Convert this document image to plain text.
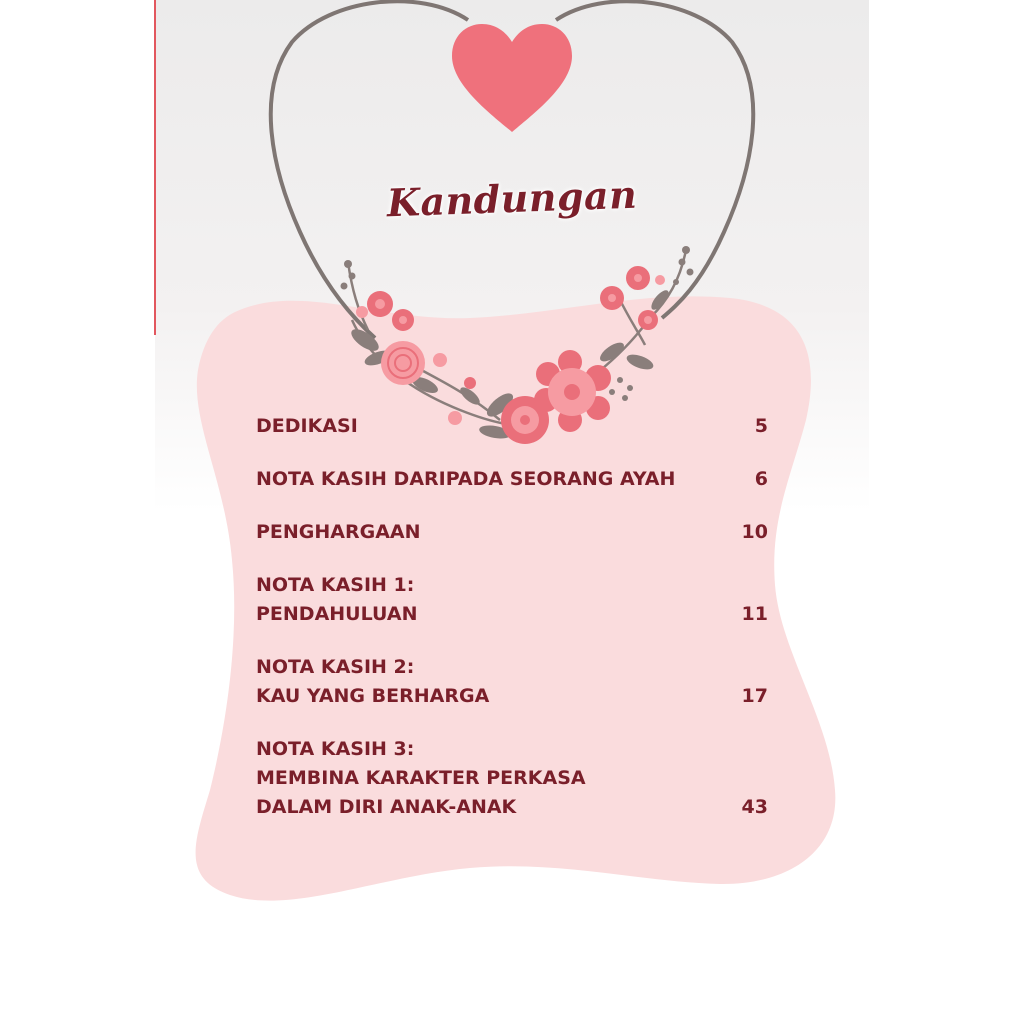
Kandungan
DEDIKASI	5
NOTA KASIH DARIPADA SEORANG AYAH	6
PENGHARGAAN	10
NOTA KASIH 1:
PENDAHULUAN	11
NOTA KASIH 2:
KAU YANG BERHARGA	17
NOTA KASIH 3:
MEMBINA KARAKTER PERKASA
DALAM DIRI ANAK-ANAK	43
